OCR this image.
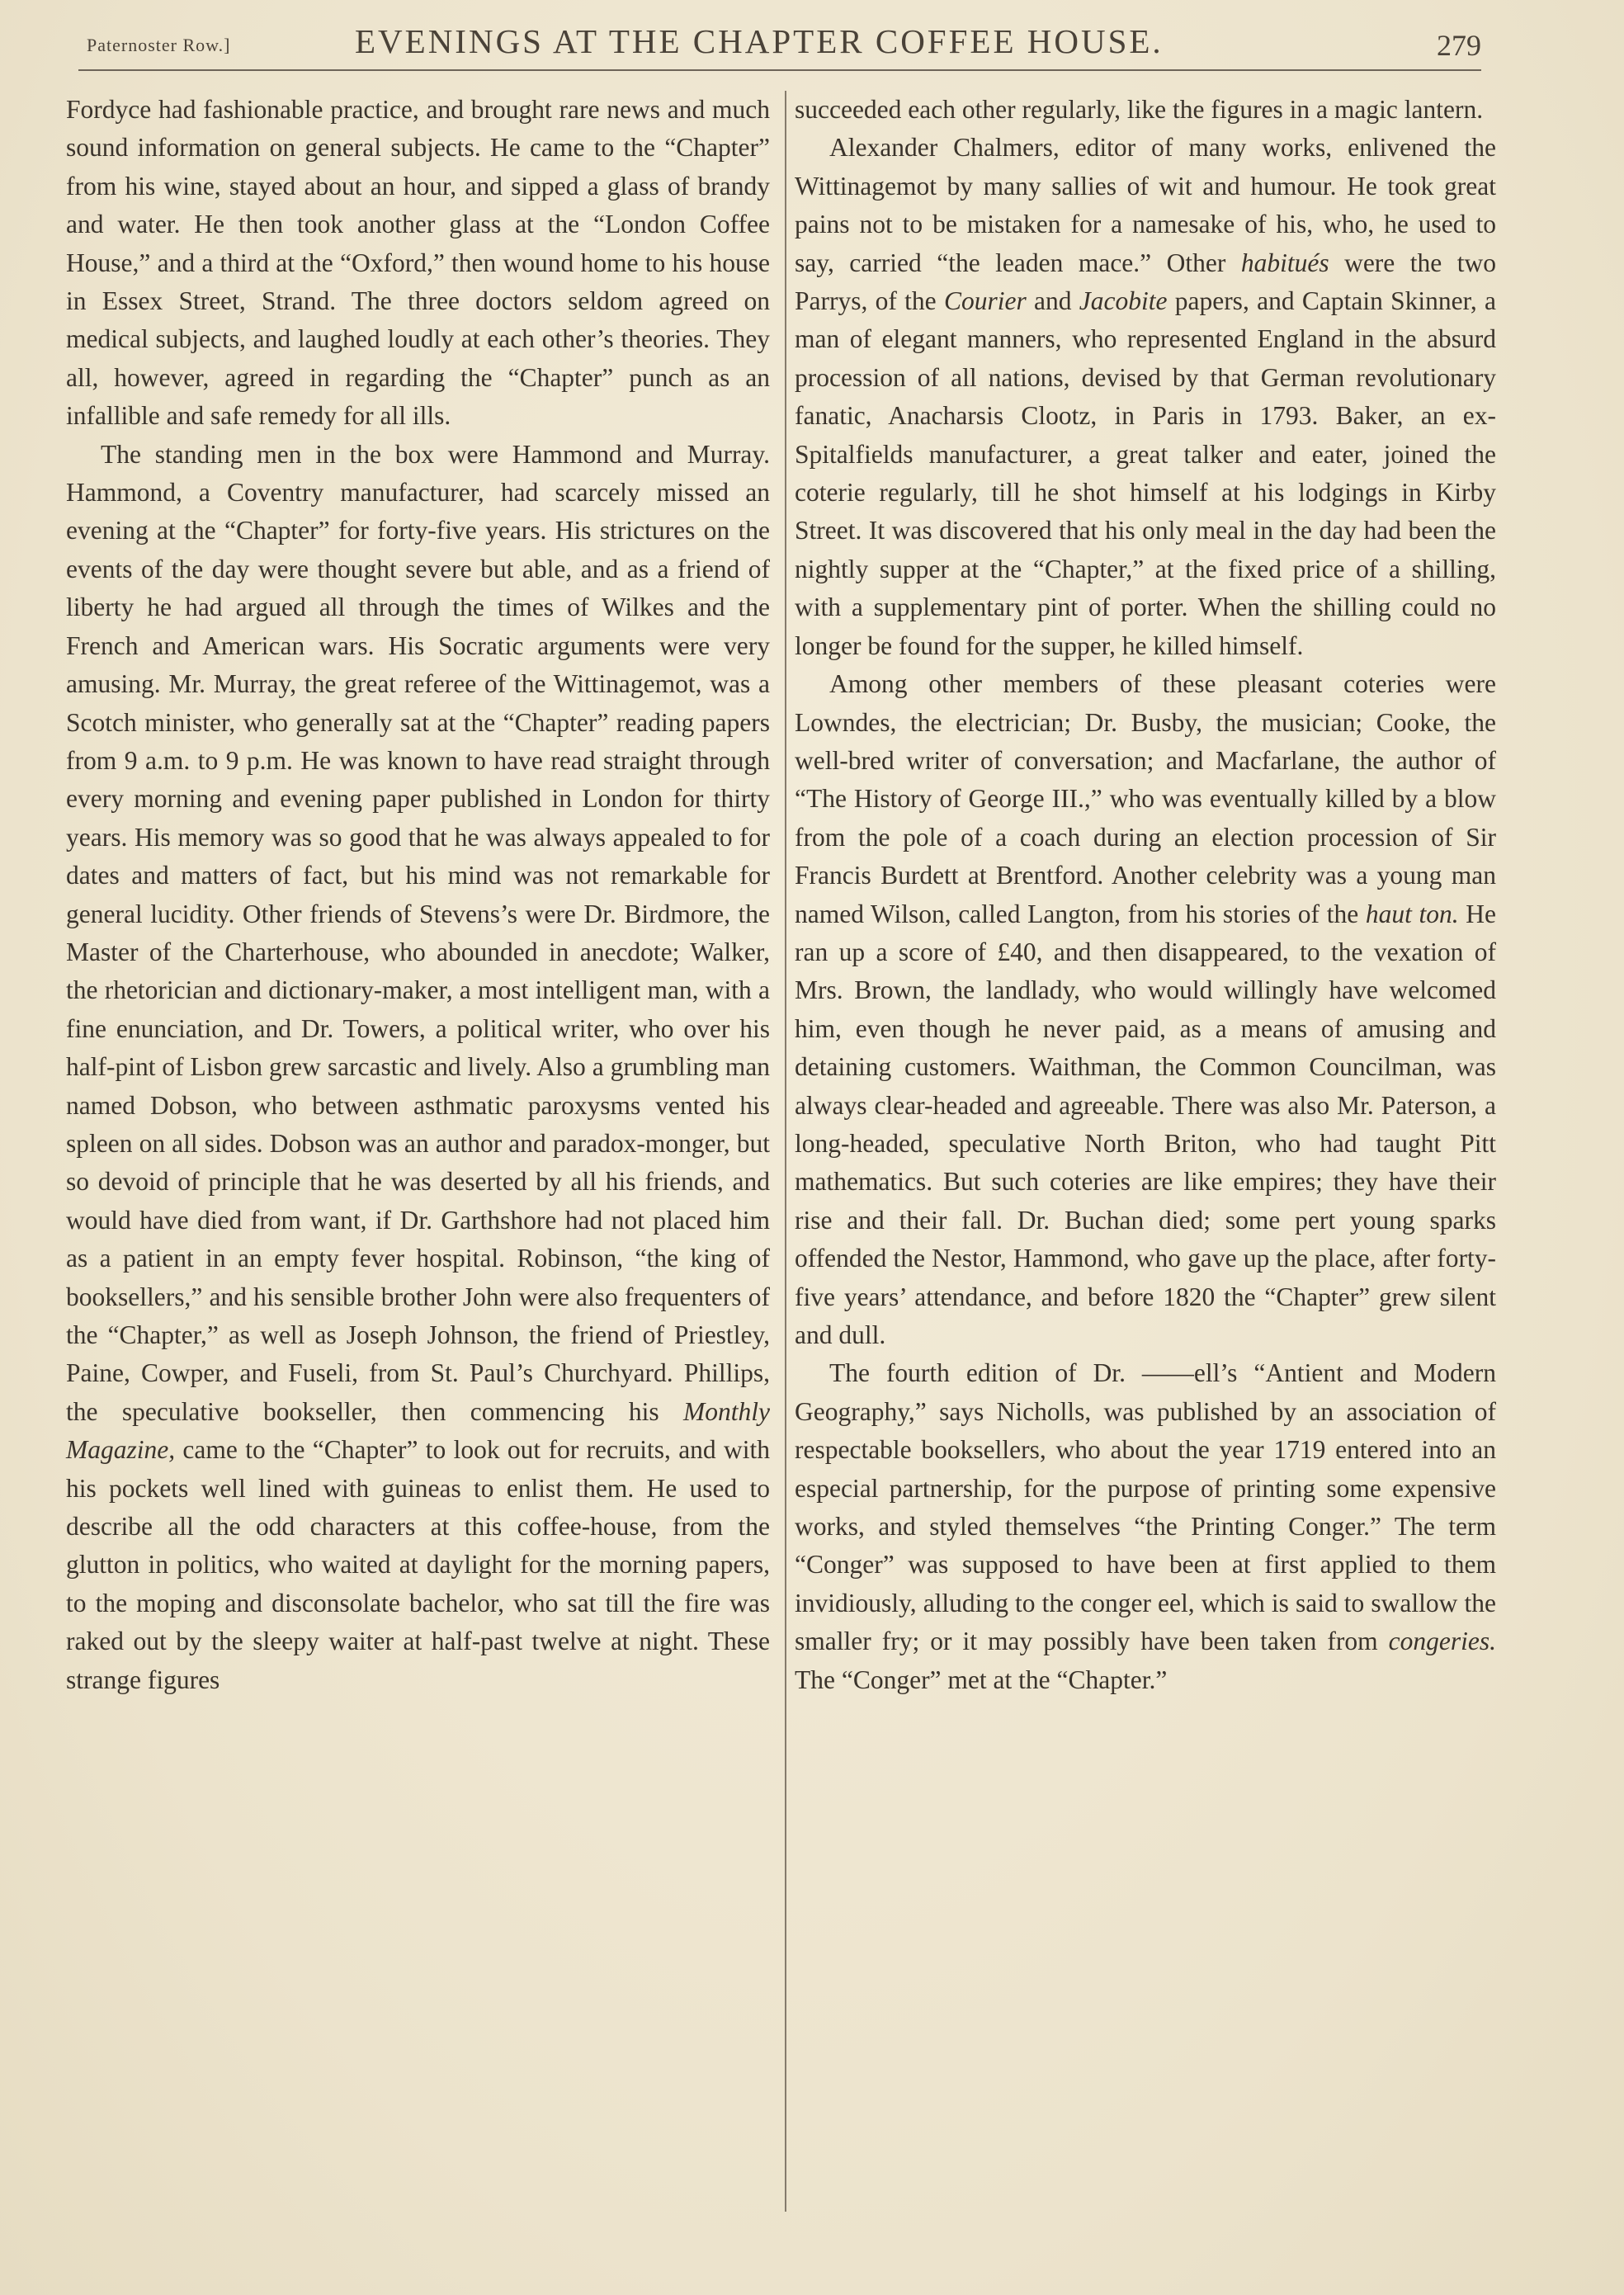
Paternoster Row.]	EVENINGS AT THE CHAPTER COFFEE HOUSE.	279

Fordyce had fashionable practice, and brought rare news and much sound information on general subjects. He came to the “Chapter” from his wine, stayed about an hour, and sipped a glass of brandy and water. He then took another glass at the “London Coffee House,” and a third at the “Oxford,” then wound home to his house in Essex Street, Strand. The three doctors seldom agreed on medical subjects, and laughed loudly at each other’s theories. They all, however, agreed in regarding the “Chapter” punch as an infallible and safe remedy for all ills.

The standing men in the box were Hammond and Murray. Hammond, a Coventry manufacturer, had scarcely missed an evening at the “Chapter” for forty-five years. His strictures on the events of the day were thought severe but able, and as a friend of liberty he had argued all through the times of Wilkes and the French and American wars. His Socratic arguments were very amusing. Mr. Murray, the great referee of the Wittinagemot, was a Scotch minister, who generally sat at the “Chapter” reading papers from 9 a.m. to 9 p.m. He was known to have read straight through every morning and evening paper published in London for thirty years. His memory was so good that he was always appealed to for dates and matters of fact, but his mind was not remarkable for general lucidity. Other friends of Stevens’s were Dr. Birdmore, the Master of the Charterhouse, who abounded in anecdote; Walker, the rhetorician and dictionary-maker, a most intelligent man, with a fine enunciation, and Dr. Towers, a political writer, who over his half-pint of Lisbon grew sarcastic and lively. Also a grumbling man named Dobson, who between asthmatic paroxysms vented his spleen on all sides. Dobson was an author and paradox-monger, but so devoid of principle that he was deserted by all his friends, and would have died from want, if Dr. Garthshore had not placed him as a patient in an empty fever hospital. Robinson, “the king of booksellers,” and his sensible brother John were also frequenters of the “Chapter,” as well as Joseph Johnson, the friend of Priestley, Paine, Cowper, and Fuseli, from St. Paul’s Churchyard. Phillips, the speculative bookseller, then commencing his Monthly Magazine, came to the “Chapter” to look out for recruits, and with his pockets well lined with guineas to enlist them. He used to describe all the odd characters at this coffee-house, from the glutton in politics, who waited at daylight for the morning papers, to the moping and disconsolate bachelor, who sat till the fire was raked out by the sleepy waiter at half-past twelve at night. These strange figures

succeeded each other regularly, like the figures in a magic lantern.

Alexander Chalmers, editor of many works, enlivened the Wittinagemot by many sallies of wit and humour. He took great pains not to be mistaken for a namesake of his, who, he used to say, carried “the leaden mace.” Other habitués were the two Parrys, of the Courier and Jacobite papers, and Captain Skinner, a man of elegant manners, who represented England in the absurd procession of all nations, devised by that German revolutionary fanatic, Anacharsis Clootz, in Paris in 1793. Baker, an ex-Spitalfields manufacturer, a great talker and eater, joined the coterie regularly, till he shot himself at his lodgings in Kirby Street. It was discovered that his only meal in the day had been the nightly supper at the “Chapter,” at the fixed price of a shilling, with a supplementary pint of porter. When the shilling could no longer be found for the supper, he killed himself.

Among other members of these pleasant coteries were Lowndes, the electrician; Dr. Busby, the musician; Cooke, the well-bred writer of conversation; and Macfarlane, the author of “The History of George III.,” who was eventually killed by a blow from the pole of a coach during an election procession of Sir Francis Burdett at Brentford. Another celebrity was a young man named Wilson, called Langton, from his stories of the haut ton. He ran up a score of £40, and then disappeared, to the vexation of Mrs. Brown, the landlady, who would willingly have welcomed him, even though he never paid, as a means of amusing and detaining customers. Waithman, the Common Councilman, was always clear-headed and agreeable. There was also Mr. Paterson, a long-headed, speculative North Briton, who had taught Pitt mathematics. But such coteries are like empires; they have their rise and their fall. Dr. Buchan died; some pert young sparks offended the Nestor, Hammond, who gave up the place, after forty-five years’ attendance, and before 1820 the “Chapter” grew silent and dull.

The fourth edition of Dr. ——ell’s “Antient and Modern Geography,” says Nicholls, was published by an association of respectable booksellers, who about the year 1719 entered into an especial partnership, for the purpose of printing some expensive works, and styled themselves “the Printing Conger.” The term “Conger” was supposed to have been at first applied to them invidiously, alluding to the conger eel, which is said to swallow the smaller fry; or it may possibly have been taken from congeries. The “Conger” met at the “Chapter.”
